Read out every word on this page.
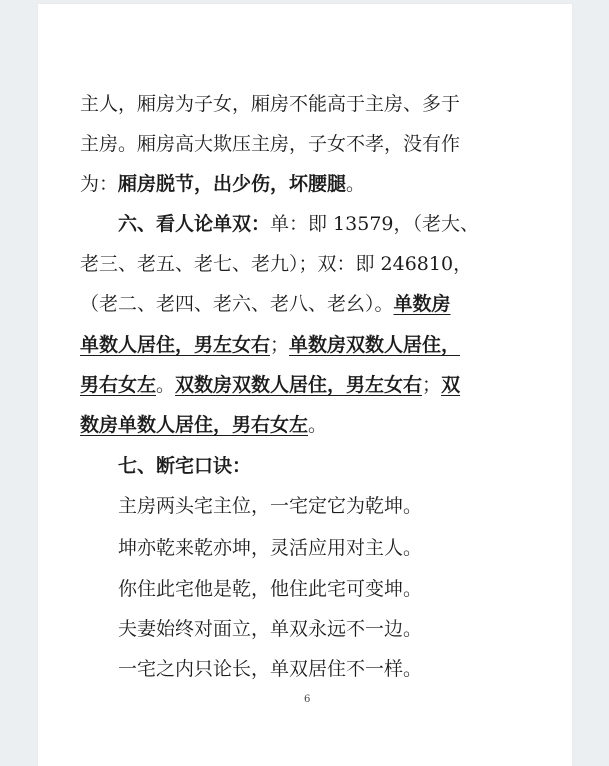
主人，厢房为子女，厢房不能高于主房、多于
主房。厢房高大欺压主房，子女不孝，没有作
为：厢房脱节，出少伤，坏腰腿。
六、看人论单双：单：即 13579，（老大、
老三、老五、老七、老九）；双：即 246810，
（老二、老四、老六、老八、老幺）。单数房
单数人居住，男左女右；单数房双数人居住，
男右女左。双数房双数人居住，男左女右；双
数房单数人居住，男右女左。
七、断宅口诀：
主房两头宅主位，一宅定它为乾坤。
坤亦乾来乾亦坤，灵活应用对主人。
你住此宅他是乾，他住此宅可变坤。
夫妻始终对面立，单双永远不一边。
一宅之内只论长，单双居住不一样。
6
